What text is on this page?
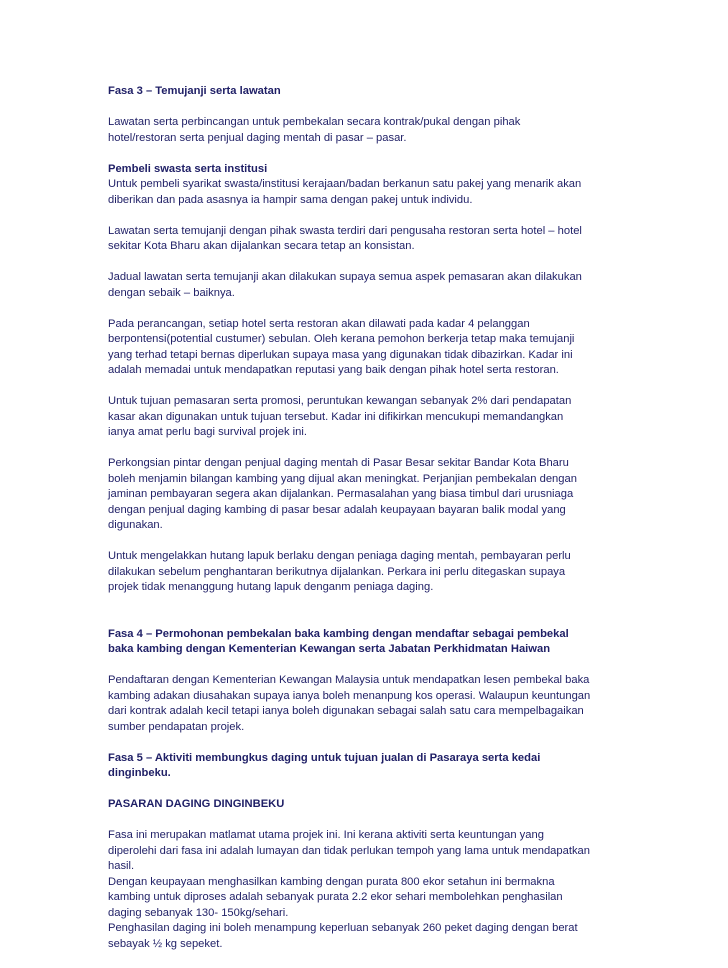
Fasa 3 – Temujanji serta lawatan
Lawatan serta perbincangan untuk pembekalan secara kontrak/pukal dengan pihak
hotel/restoran serta penjual daging mentah di pasar – pasar.
Pembeli swasta serta institusi
Untuk pembeli syarikat swasta/institusi kerajaan/badan berkanun satu pakej yang menarik akan
diberikan dan pada asasnya ia hampir sama dengan pakej untuk individu.
Lawatan serta temujanji dengan pihak swasta terdiri dari pengusaha restoran serta hotel – hotel
sekitar Kota Bharu akan dijalankan secara tetap an konsistan.
Jadual lawatan serta temujanji akan dilakukan supaya semua aspek pemasaran akan dilakukan
dengan sebaik – baiknya.
Pada perancangan, setiap hotel serta restoran akan dilawati pada kadar 4 pelanggan
berpontensi(potential custumer) sebulan. Oleh kerana pemohon berkerja tetap maka temujanji
yang terhad tetapi bernas diperlukan supaya masa yang digunakan tidak dibazirkan. Kadar ini
adalah memadai untuk mendapatkan reputasi yang baik dengan pihak hotel serta restoran.
Untuk tujuan pemasaran serta promosi, peruntukan kewangan sebanyak 2% dari pendapatan
kasar akan digunakan untuk tujuan tersebut. Kadar ini difikirkan mencukupi memandangkan
ianya amat perlu bagi survival projek ini.
Perkongsian pintar dengan penjual daging mentah di Pasar Besar sekitar Bandar Kota Bharu
boleh menjamin bilangan kambing yang dijual akan meningkat. Perjanjian pembekalan dengan
jaminan pembayaran segera akan dijalankan. Permasalahan yang biasa timbul dari urusniaga
dengan penjual daging kambing di pasar besar adalah keupayaan bayaran balik modal yang
digunakan.
Untuk mengelakkan hutang lapuk berlaku dengan peniaga daging mentah, pembayaran perlu
dilakukan sebelum penghantaran berikutnya dijalankan. Perkara ini perlu ditegaskan supaya
projek tidak menanggung hutang lapuk denganm peniaga daging.
Fasa 4 – Permohonan pembekalan baka kambing dengan mendaftar sebagai pembekal
baka kambing dengan Kementerian Kewangan serta Jabatan Perkhidmatan Haiwan
Pendaftaran dengan Kementerian Kewangan Malaysia untuk mendapatkan lesen pembekal baka
kambing adakan diusahakan supaya ianya boleh menanpung kos operasi. Walaupun keuntungan
dari kontrak adalah kecil tetapi ianya boleh digunakan sebagai salah satu cara mempelbagaikan
sumber pendapatan projek.
Fasa 5 – Aktiviti membungkus daging untuk tujuan jualan di Pasaraya serta kedai
dinginbeku.
PASARAN DAGING DINGINBEKU
Fasa ini merupakan matlamat utama projek ini. Ini kerana aktiviti serta keuntungan yang
diperolehi dari fasa ini adalah lumayan dan tidak perlukan tempoh yang lama untuk mendapatkan
hasil.
Dengan keupayaan menghasilkan kambing dengan purata 800 ekor setahun ini bermakna
kambing untuk diproses adalah sebanyak purata 2.2 ekor sehari membolehkan penghasilan
daging sebanyak 130- 150kg/sehari.
Penghasilan daging ini boleh menampung keperluan sebanyak 260 peket daging dengan berat
sebayak ½ kg sepeket.
